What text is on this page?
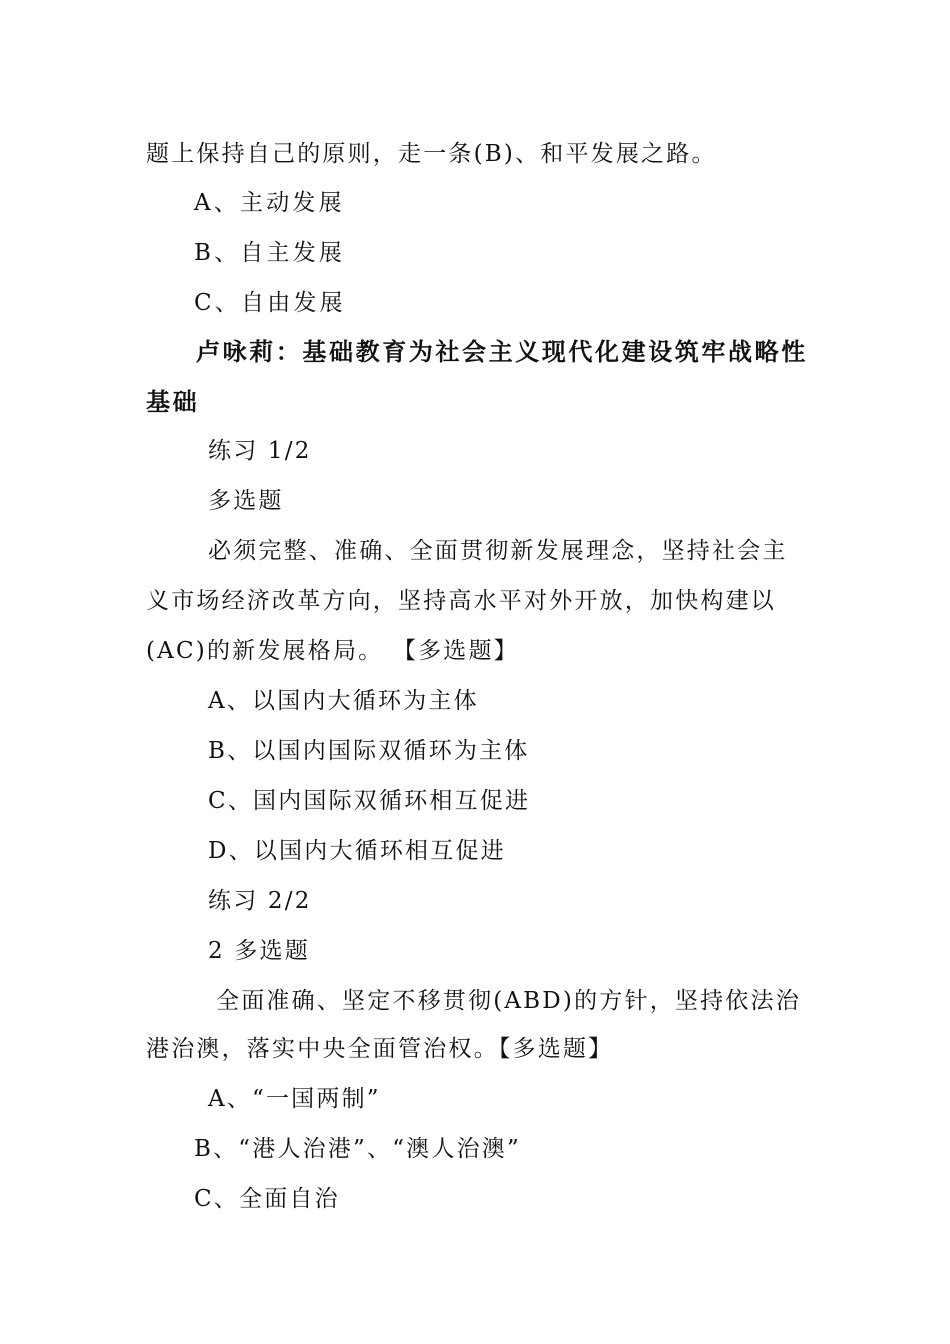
题上保持自己的原则，走一条(B)、和平发展之路。

A、主动发展

B、自主发展

C、自由发展

卢咏莉：基础教育为社会主义现代化建设筑牢战略性
基础

练习 1/2

多选题

必须完整、准确、全面贯彻新发展理念，坚持社会主

义市场经济改革方向，坚持高水平对外开放，加快构建以

(AC)的新发展格局。 【多选题】

A、以国内大循环为主体

B、以国内国际双循环为主体

C、国内国际双循环相互促进

D、以国内大循环相互促进

练习 2/2

2 多选题

全面准确、坚定不移贯彻(ABD)的方针，坚持依法治

港治澳，落实中央全面管治权。【多选题】

A、“一国两制”

B、“港人治港”、“澳人治澳”

C、全面自治
